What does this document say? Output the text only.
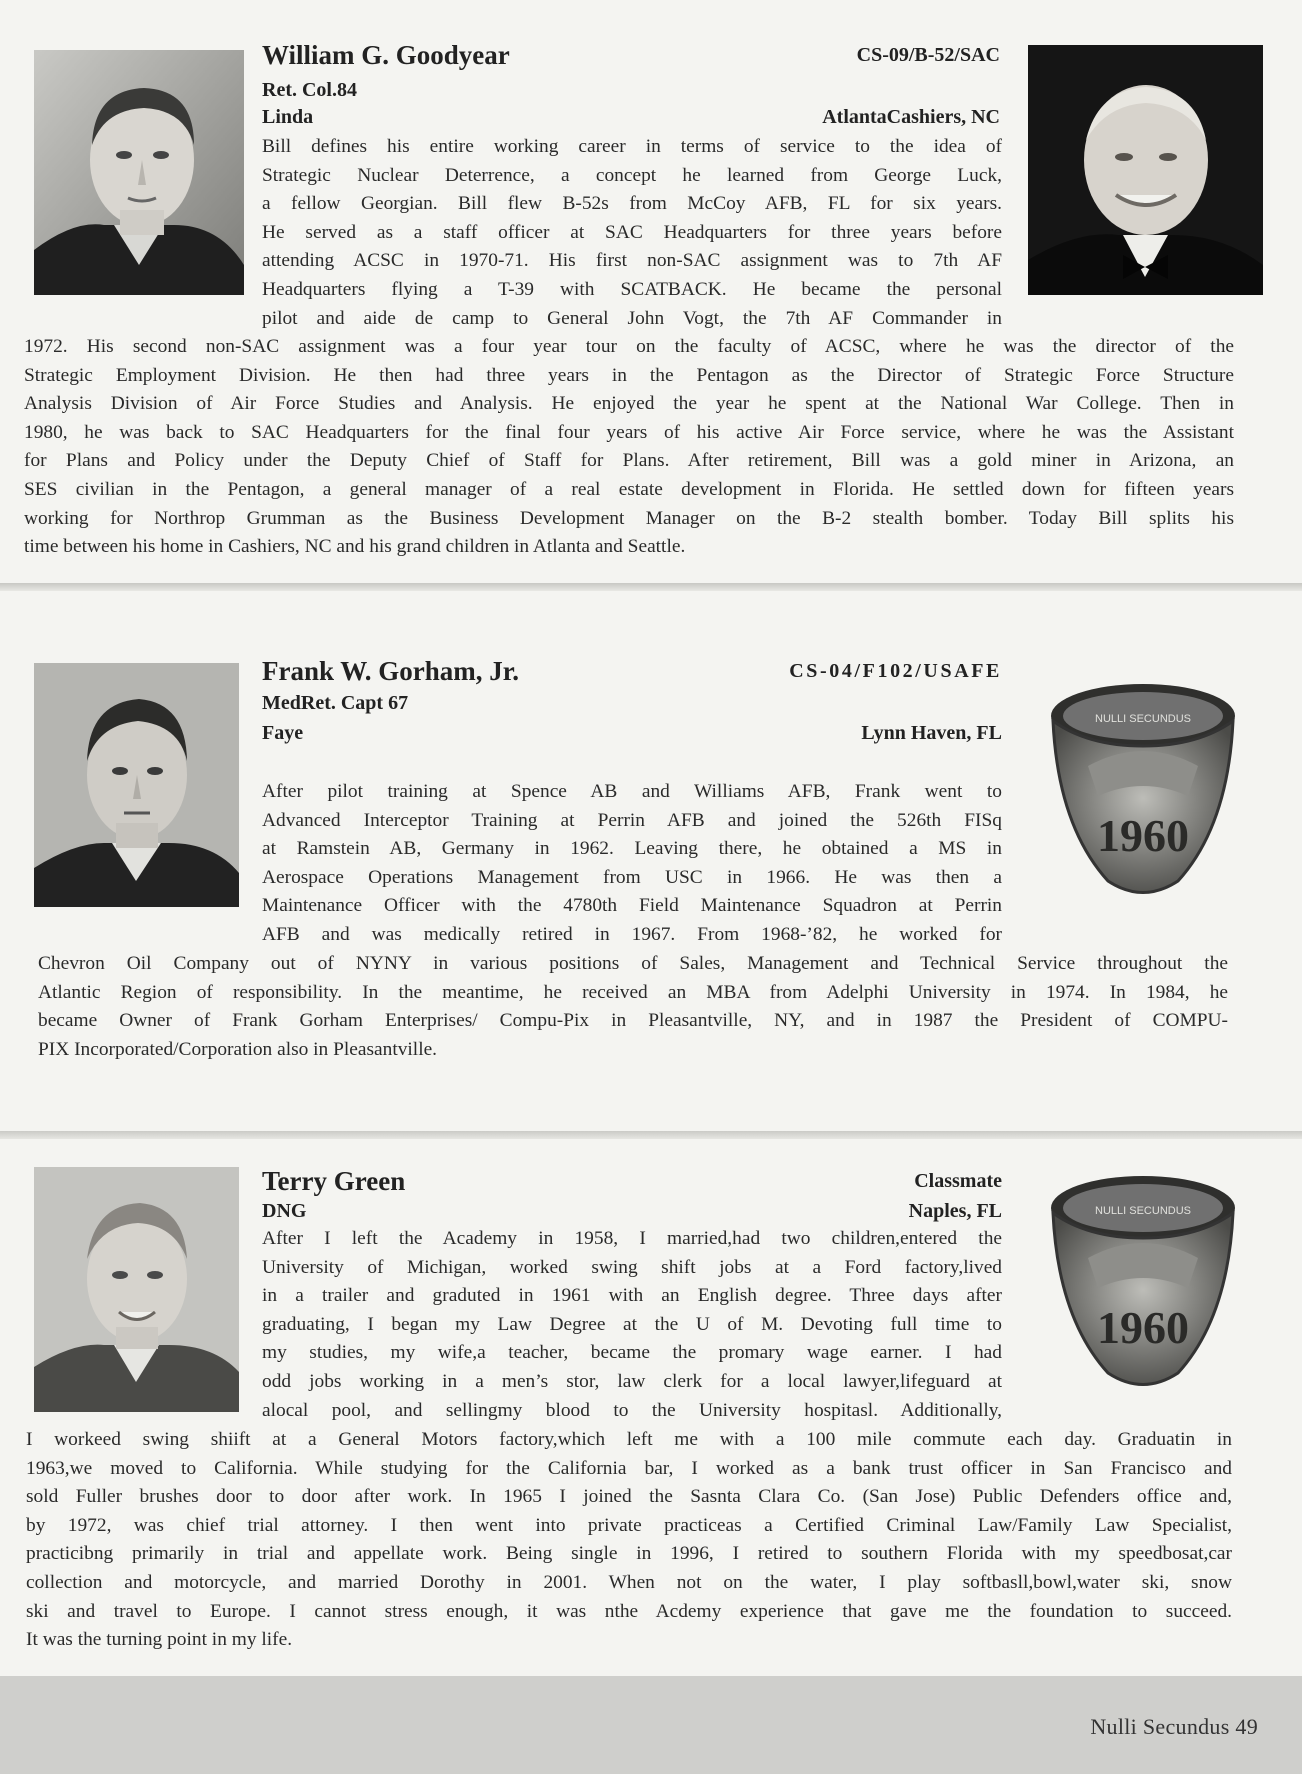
William G. Goodyear	CS-09/B-52/SAC
Ret. Col.84
Linda	AtlantaCashiers, NC
Bill defines his entire working career in terms of service to the idea of
Strategic Nuclear Deterrence, a concept he learned from George Luck,
a fellow Georgian. Bill flew B-52s from McCoy AFB, FL for six years.
He served as a staff officer at SAC Headquarters for three years before
attending ACSC in 1970-71. His first non-SAC assignment was to 7th AF
Headquarters flying a T-39 with SCATBACK. He became the personal
pilot and aide de camp to General John Vogt, the 7th AF Commander in
1972. His second non-SAC assignment was a four year tour on the faculty of ACSC, where he was the director of the
Strategic Employment Division. He then had three years in the Pentagon as the Director of Strategic Force Structure
Analysis Division of Air Force Studies and Analysis. He enjoyed the year he spent at the National War College. Then in
1980, he was back to SAC Headquarters for the final four years of his active Air Force service, where he was the Assistant
for Plans and Policy under the Deputy Chief of Staff for Plans. After retirement, Bill was a gold miner in Arizona, an
SES civilian in the Pentagon, a general manager of a real estate development in Florida. He settled down for fifteen years
working for Northrop Grumman as the Business Development Manager on the B-2 stealth bomber. Today Bill splits his
time between his home in Cashiers, NC and his grand children in Atlanta and Seattle.
Frank W. Gorham, Jr.	CS-04/F102/USAFE
MedRet. Capt 67
Faye	Lynn Haven, FL
1960
NULLI SECUNDUS
After pilot training at Spence AB and Williams AFB, Frank went to
Advanced Interceptor Training at Perrin AFB and joined the 526th FISq
at Ramstein AB, Germany in 1962. Leaving there, he obtained a MS in
Aerospace Operations Management from USC in 1966. He was then a
Maintenance Officer with the 4780th Field Maintenance Squadron at Perrin
AFB and was medically retired in 1967. From 1968-’82, he worked for
Chevron Oil Company out of NYNY in various positions of Sales, Management and Technical Service throughout the
Atlantic Region of responsibility. In the meantime, he received an MBA from Adelphi University in 1974. In 1984, he
became Owner of Frank Gorham Enterprises/ Compu-Pix in Pleasantville, NY, and in 1987 the President of COMPU-
PIX Incorporated/Corporation also in Pleasantville.
Terry Green	Classmate
DNG	Naples, FL
1960
NULLI SECUNDUS
After I left the Academy in 1958, I married,had two children,entered the
University of Michigan, worked swing shift jobs at a Ford factory,lived
in a trailer and graduted in 1961 with an English degree. Three days after
graduating, I began my Law Degree at the U of M. Devoting full time to
my studies, my wife,a teacher, became the promary wage earner. I had
odd jobs working in a men’s stor, law clerk for a local lawyer,lifeguard at
alocal pool, and sellingmy blood to the University hospitasl. Additionally,
I workeed swing shiift at a General Motors factory,which left me with a 100 mile commute each day. Graduatin in
1963,we moved to California. While studying for the California bar, I worked as a bank trust officer in San Francisco and
sold Fuller brushes door to door after work. In 1965 I joined the Sasnta Clara Co. (San Jose) Public Defenders office and,
by 1972, was chief trial attorney. I then went into private practiceas a Certified Criminal Law/Family Law Specialist,
practicibng primarily in trial and appellate work. Being single in 1996, I retired to southern Florida with my speedbosat,car
collection and motorcycle, and married Dorothy in 2001. When not on the water, I play softbasll,bowl,water ski, snow
ski and travel to Europe. I cannot stress enough, it was nthe Acdemy experience that gave me the foundation to succeed.
It was the turning point in my life.
Nulli Secundus 49
